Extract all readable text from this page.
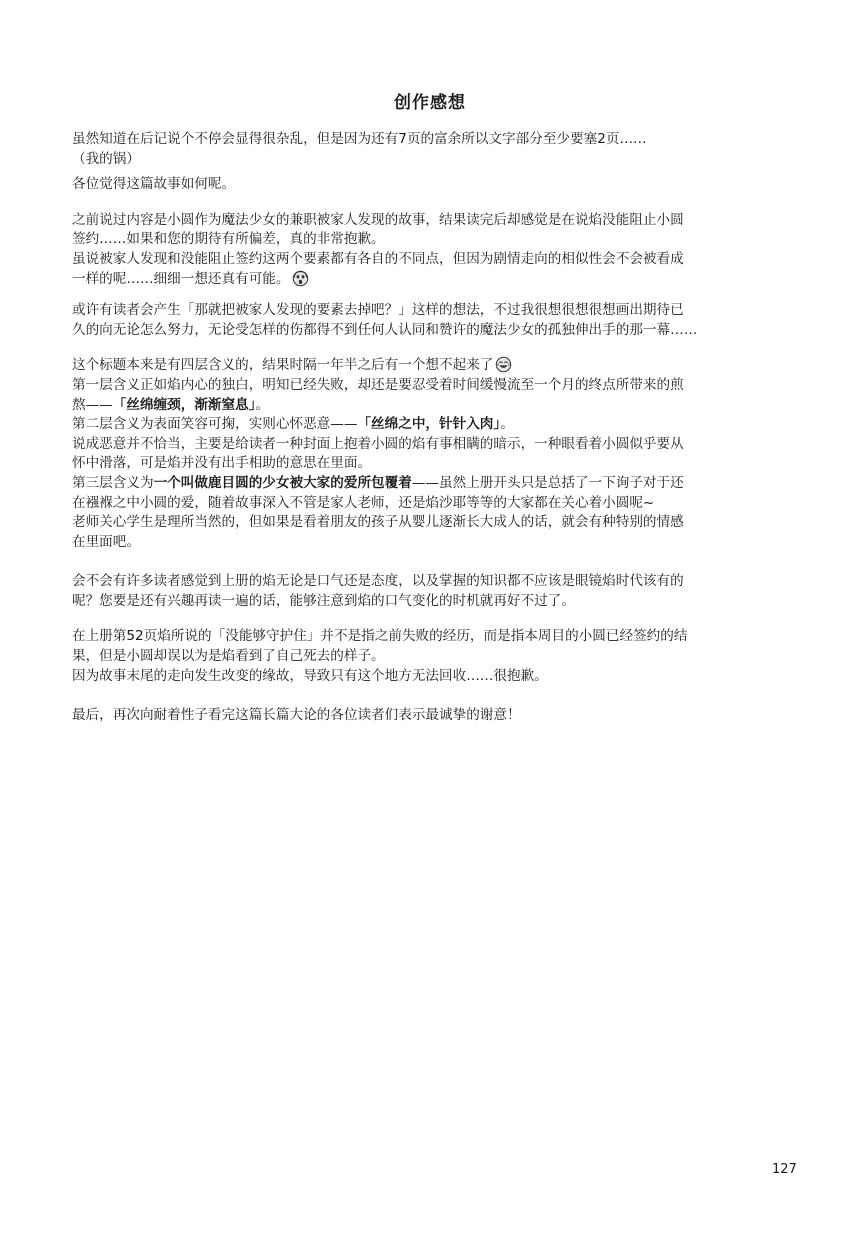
创作感想
虽然知道在后记说个不停会显得很杂乱，但是因为还有7页的富余所以文字部分至少要塞2页……
（我的锅）
各位觉得这篇故事如何呢。
之前说过内容是小圆作为魔法少女的兼职被家人发现的故事，结果读完后却感觉是在说焰没能阻止小圆
签约……如果和您的期待有所偏差，真的非常抱歉。
虽说被家人发现和没能阻止签约这两个要素都有各自的不同点，但因为剧情走向的相似性会不会被看成
一样的呢……细细一想还真有可能。
或许有读者会产生「那就把被家人发现的要素去掉吧？」这样的想法，不过我很想很想很想画出期待已
久的向无论怎么努力，无论受怎样的伤都得不到任何人认同和赞许的魔法少女的孤独伸出手的那一幕……
这个标题本来是有四层含义的，结果时隔一年半之后有一个想不起来了
第一层含义正如焰内心的独白，明知已经失败，却还是要忍受着时间缓慢流至一个月的终点所带来的煎
熬——「丝绵缠颈，渐渐窒息」。
第二层含义为表面笑容可掬，实则心怀恶意——「丝绵之中，针针入肉」。
说成恶意并不恰当，主要是给读者一种封面上抱着小圆的焰有事相瞒的暗示，一种眼看着小圆似乎要从
怀中滑落，可是焰并没有出手相助的意思在里面。
第三层含义为一个叫做鹿目圆的少女被大家的爱所包覆着——虽然上册开头只是总括了一下询子对于还
在襁褓之中小圆的爱，随着故事深入不管是家人老师，还是焰沙耶等等的大家都在关心着小圆呢~
老师关心学生是理所当然的，但如果是看着朋友的孩子从婴儿逐渐长大成人的话，就会有种特别的情感
在里面吧。
会不会有许多读者感觉到上册的焰无论是口气还是态度，以及掌握的知识都不应该是眼镜焰时代该有的
呢？您要是还有兴趣再读一遍的话，能够注意到焰的口气变化的时机就再好不过了。
在上册第52页焰所说的「没能够守护住」并不是指之前失败的经历，而是指本周目的小圆已经签约的结
果，但是小圆却误以为是焰看到了自己死去的样子。
因为故事末尾的走向发生改变的缘故，导致只有这个地方无法回收……很抱歉。
最后，再次向耐着性子看完这篇长篇大论的各位读者们表示最诚挚的谢意！
127
